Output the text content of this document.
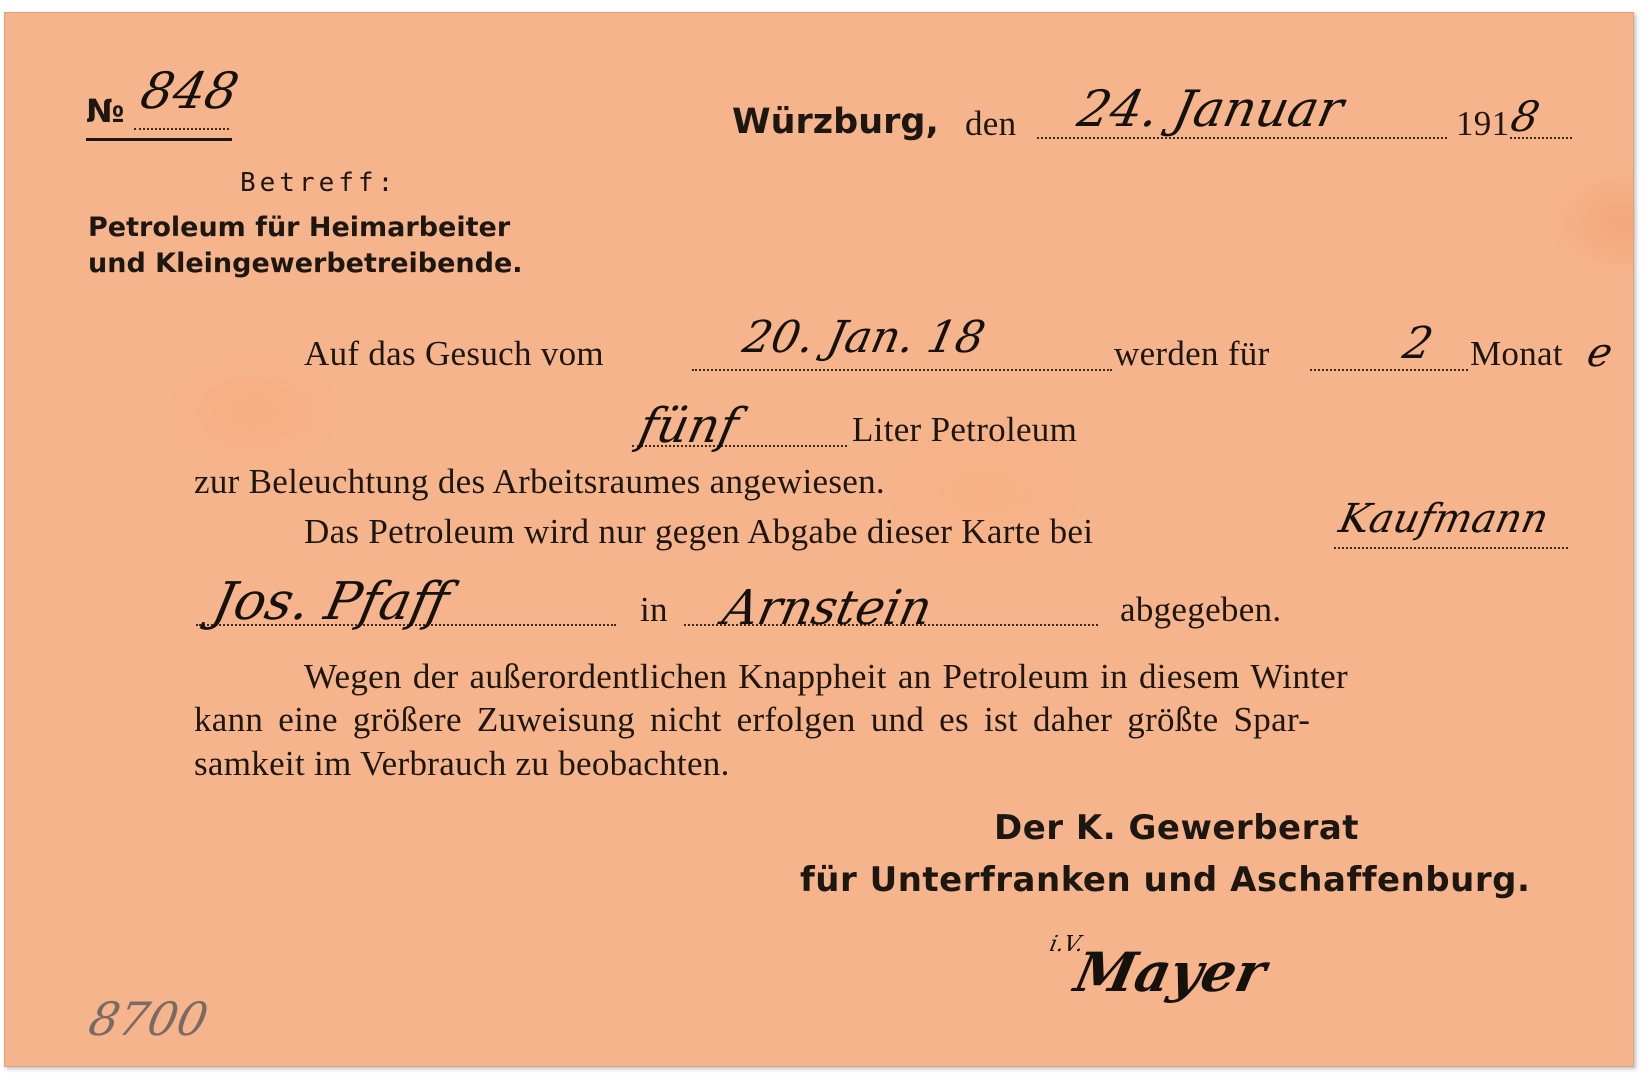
№ 848
Würzburg, den 24. Januar	191
8
Betreff:
Petroleum für Heimarbeiter
und Kleingewerbetreibende.
Auf das Gesuch vom	20. Jan. 18	werden für	2 Monat e
fünf	Liter Petroleum
zur Beleuchtung des Arbeitsraumes angewiesen.
Das Petroleum wird nur gegen Abgabe dieser Karte bei	Kaufmann
Jos. Pfaff	in Arnstein	abgegeben.
Wegen der außerordentlichen Knappheit an Petroleum in diesem Winter
kann eine größere Zuweisung nicht erfolgen und es ist daher größte Spar-
samkeit im Verbrauch zu beobachten.
Der K. Gewerberat
für Unterfranken und Aschaffenburg.
i.V.
Mayer
8700
